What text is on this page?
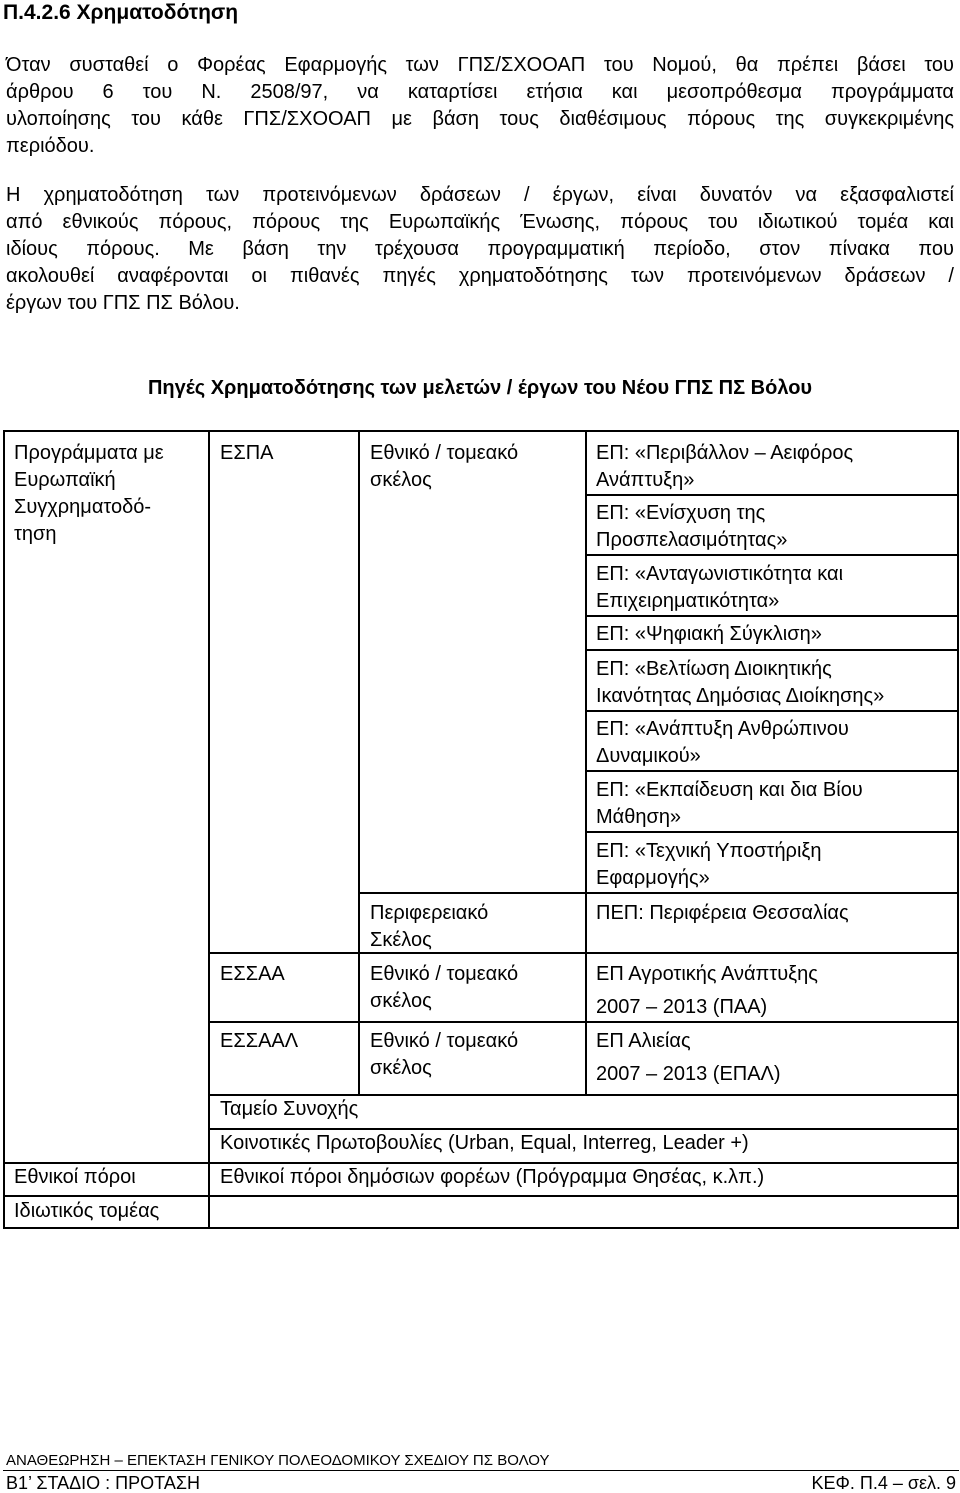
Π.4.2.6 Χρηματοδότηση
Όταν συσταθεί ο Φορέας Εφαρμογής των ΓΠΣ/ΣΧΟΟΑΠ του Νομού, θα πρέπει βάσει του
άρθρου 6 του Ν. 2508/97, να καταρτίσει ετήσια και μεσοπρόθεσμα προγράμματα
υλοποίησης του κάθε ΓΠΣ/ΣΧΟΟΑΠ με βάση τους διαθέσιμους πόρους της συγκεκριμένης
περιόδου.
Η χρηματοδότηση των προτεινόμενων δράσεων / έργων, είναι δυνατόν να εξασφαλιστεί
από εθνικούς πόρους, πόρους της Ευρωπαϊκής Ένωσης, πόρους του ιδιωτικού τομέα και
ιδίους πόρους. Με βάση την τρέχουσα προγραμματική περίοδο, στον πίνακα που
ακολουθεί αναφέρονται οι πιθανές πηγές χρηματοδότησης των προτεινόμενων δράσεων /
έργων του ΓΠΣ ΠΣ Βόλου.
Πηγές Χρηματοδότησης των μελετών / έργων του Νέου ΓΠΣ ΠΣ Βόλου
Προγράμματα με
Ευρωπαϊκή
Συγχρηματοδό-
τηση
Εθνικοί πόροι
Ιδιωτικός τομέας
ΕΣΠΑ
ΕΣΣΑΑ
ΕΣΣΑΑΛ
Ταμείο Συνοχής
Κοινοτικές Πρωτοβουλίες (Urban, Equal, Interreg, Leader +)
Εθνικοί πόροι δημόσιων φορέων (Πρόγραμμα Θησέας, κ.λπ.)
Εθνικό / τομεακό
σκέλος
Περιφερειακό
Σκέλος
Εθνικό / τομεακό
σκέλος
Εθνικό / τομεακό
σκέλος
ΕΠ: «Περιβάλλον – Αειφόρος
Ανάπτυξη»
ΕΠ: «Ενίσχυση της
Προσπελασιμότητας»
ΕΠ: «Ανταγωνιστικότητα και
Επιχειρηματικότητα»
ΕΠ: «Ψηφιακή Σύγκλιση»
ΕΠ: «Βελτίωση Διοικητικής
Ικανότητας Δημόσιας Διοίκησης»
ΕΠ: «Ανάπτυξη Ανθρώπινου
Δυναμικού»
ΕΠ: «Εκπαίδευση και δια Βίου
Μάθηση»
ΕΠ: «Τεχνική Υποστήριξη
Εφαρμογής»
ΠΕΠ: Περιφέρεια Θεσσαλίας
ΕΠ Αγροτικής Ανάπτυξης
2007 – 2013 (ΠΑΑ)
ΕΠ Αλιείας
2007 – 2013 (ΕΠΑΛ)
ΑΝΑΘΕΩΡΗΣΗ – ΕΠΕΚΤΑΣΗ ΓΕΝΙΚΟΥ ΠΟΛΕΟΔΟΜΙΚΟΥ ΣΧΕΔΙΟΥ ΠΣ ΒΟΛΟΥ
Β1’ ΣΤΑΔΙΟ : ΠΡΟΤΑΣΗ	ΚΕΦ. Π.4 – σελ. 9
